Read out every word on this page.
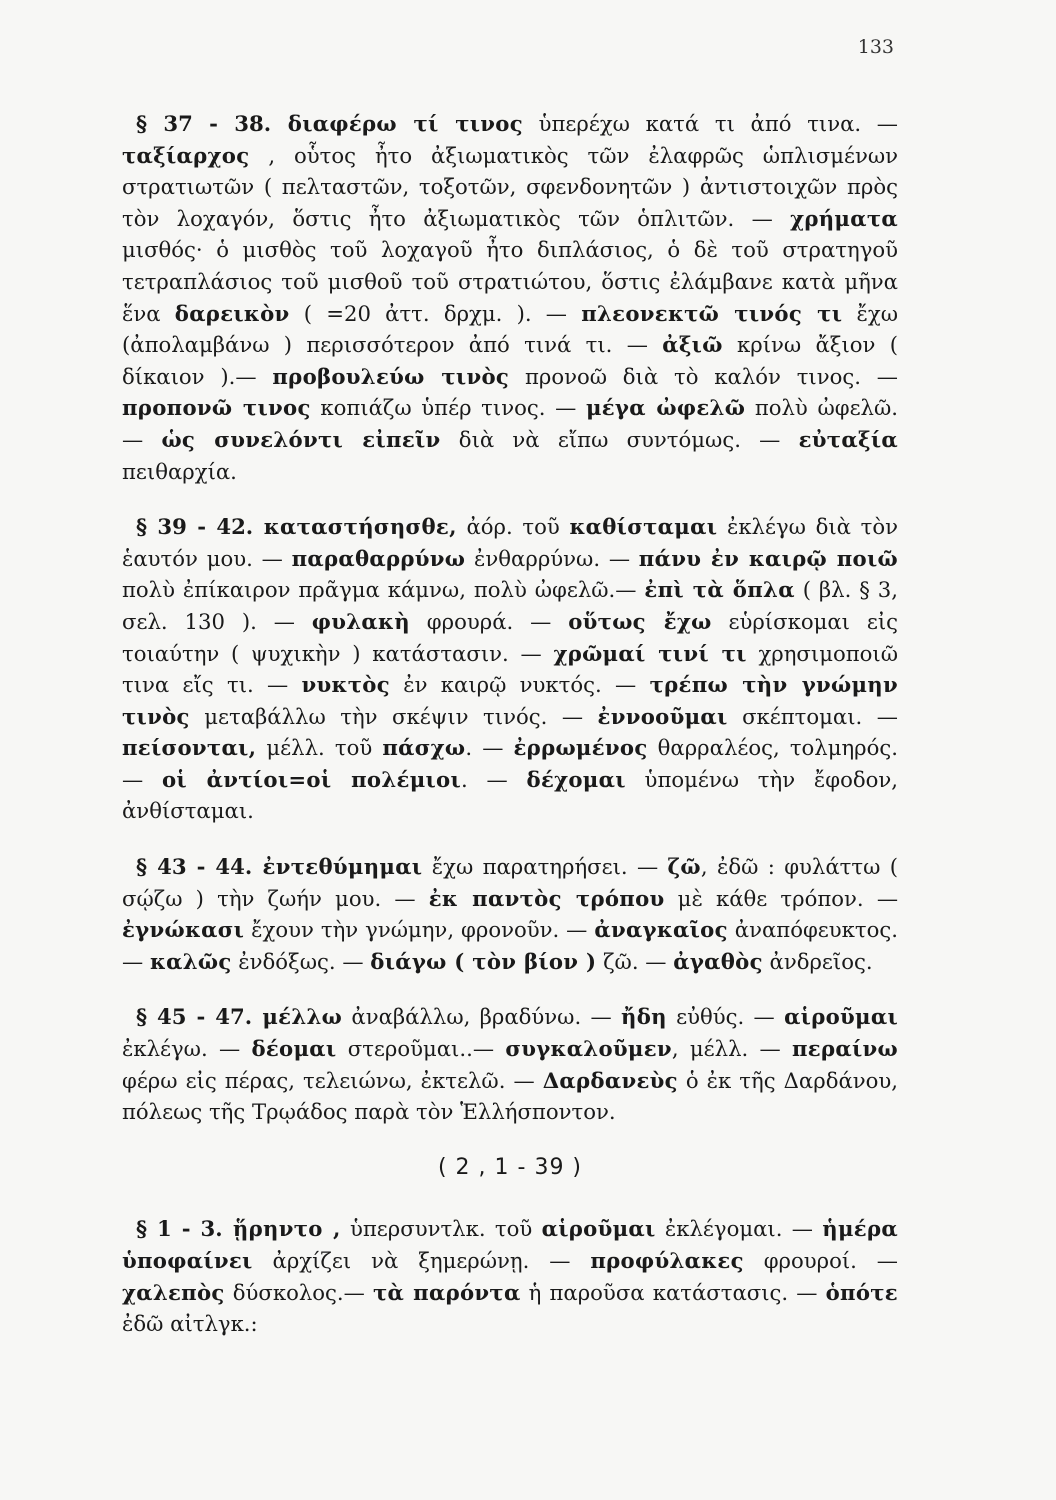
133

§ 37 - 38. διαφέρω τί τινος ὑπερέχω κατά τι ἀπό τινα. — ταξίαρχος , οὗτος ἦτο ἀξιωματικὸς τῶν ἐλαφρῶς ὡπλισμένων στρατιωτῶν ( πελταστῶν, τοξοτῶν, σφενδονητῶν ) ἀντιστοιχῶν πρὸς τὸν λοχαγόν, ὅστις ἦτο ἀξιωματικὸς τῶν ὁπλιτῶν. — χρήματα μισθός· ὁ μισθὸς τοῦ λοχαγοῦ ἦτο διπλάσιος, ὁ δὲ τοῦ στρατηγοῦ τετραπλάσιος τοῦ μισθοῦ τοῦ στρατιώτου, ὅστις ἐλάμβανε κατὰ μῆνα ἕνα δαρεικὸν ( =20 ἀττ. δρχμ. ). — πλεονεκτῶ τινός τι ἔχω (ἀπολαμβάνω ) περισσότερον ἀπό τινά τι. — ἀξιῶ κρίνω ἄξιον ( δίκαιον ).— προβουλεύω τινὸς προνοῶ διὰ τὸ καλόν τινος. — προπονῶ τινος κοπιάζω ὑπέρ τινος. — μέγα ὠφελῶ πολὺ ὠφελῶ. — ὡς συνελόντι εἰπεῖν διὰ νὰ εἴπω συντόμως. — εὐταξία πειθαρχία.

§ 39 - 42. καταστήσησθε, ἀόρ. τοῦ καθίσταμαι ἐκλέγω διὰ τὸν ἑαυτόν μου. — παραθαρρύνω ἐνθαρρύνω. — πάνυ ἐν καιρῷ ποιῶ πολὺ ἐπίκαιρον πρᾶγμα κάμνω, πολὺ ὠφελῶ.— ἐπὶ τὰ ὅπλα ( βλ. § 3, σελ. 130 ). — φυλακὴ φρουρά. — οὕτως ἔχω εὑρίσκομαι εἰς τοιαύτην ( ψυχικὴν ) κατάστασιν. — χρῶμαί τινί τι χρησιμοποιῶ τινα εἴς τι. — νυκτὸς ἐν καιρῷ νυκτός. — τρέπω τὴν γνώμην τινὸς μεταβάλλω τὴν σκέψιν τινός. — ἐννοοῦμαι σκέπτομαι. — πείσονται, μέλλ. τοῦ πάσχω. — ἐρρωμένος θαρραλέος, τολμηρός. — οἱ ἀντίοι=οἱ πολέμιοι. — δέχομαι ὑπομένω τὴν ἔφοδον, ἀνθίσταμαι.

§ 43 - 44. ἐντεθύμημαι ἔχω παρατηρήσει. — ζῶ, ἐδῶ : φυλάττω ( σῴζω ) τὴν ζωήν μου. — ἐκ παντὸς τρόπου μὲ κάθε τρόπον. — ἐγνώκασι ἔχουν τὴν γνώμην, φρονοῦν. — ἀναγκαῖος ἀναπόφευκτος. — καλῶς ἐνδόξως. — διάγω ( τὸν βίον ) ζῶ. — ἀγαθὸς ἀνδρεῖος.

§ 45 - 47. μέλλω ἀναβάλλω, βραδύνω. — ἤδη εὐθύς. — αἱροῦμαι ἐκλέγω. — δέομαι στεροῦμαι..— συγκαλοῦμεν, μέλλ. — περαίνω φέρω εἰς πέρας, τελειώνω, ἐκτελῶ. — Δαρδανεὺς ὁ ἐκ τῆς Δαρδάνου, πόλεως τῆς Τρῳάδος παρὰ τὸν Ἑλλήσποντον.

( 2 , 1 - 39 )

§ 1 - 3. ᾕρηντο , ὑπερσυντλκ. τοῦ αἱροῦμαι ἐκλέγομαι. — ἡμέρα ὑποφαίνει ἀρχίζει νὰ ξημερώνῃ. — προφύλακες φρουροί. — χαλεπὸς δύσκολος.— τὰ παρόντα ἡ παροῦσα κατάστασις. — ὁπότε ἐδῶ αἰτλγκ.:
